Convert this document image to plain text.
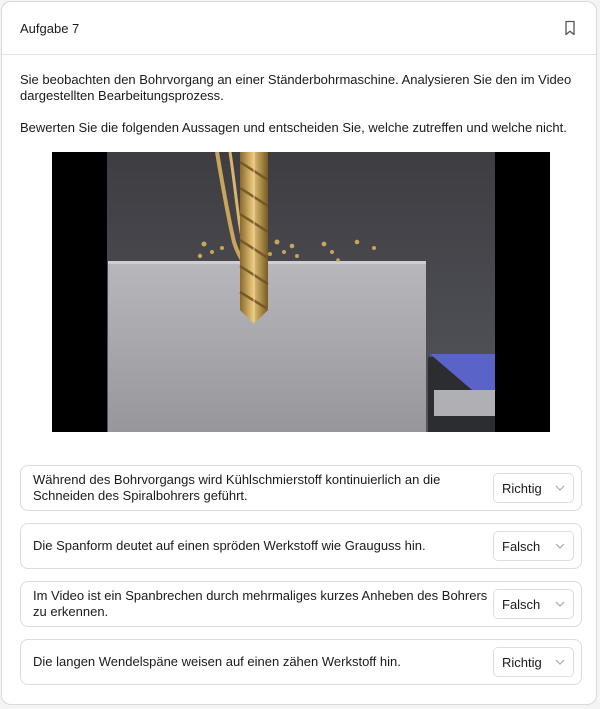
Aufgabe 7

Sie beobachten den Bohrvorgang an einer Ständerbohrmaschine. Analysieren Sie den im Video dargestellten Bearbeitungsprozess.

Bewerten Sie die folgenden Aussagen und entscheiden Sie, welche zutreffen und welche nicht.

Während des Bohrvorgangs wird Kühlschmierstoff kontinuierlich an die Schneiden des Spiralbohrers geführt.	Richtig
Die Spanform deutet auf einen spröden Werkstoff wie Grauguss hin.	Falsch
Im Video ist ein Spanbrechen durch mehrmaliges kurzes Anheben des Bohrers zu erkennen.	Falsch
Die langen Wendelspäne weisen auf einen zähen Werkstoff hin.	Richtig
